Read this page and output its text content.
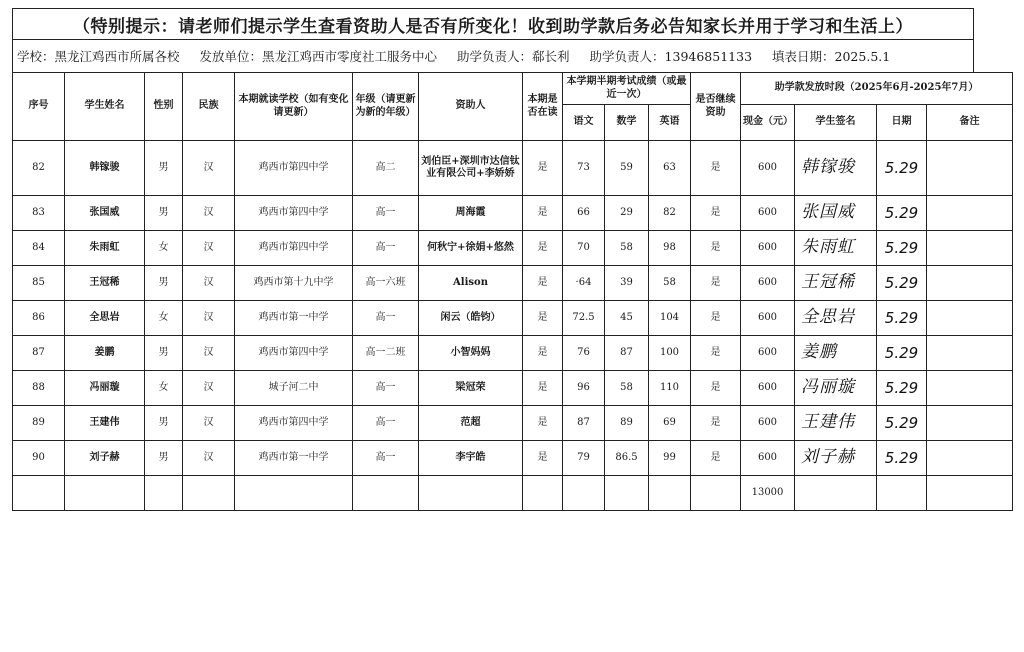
（特别提示：请老师们提示学生查看资助人是否有所变化！收到助学款后务必告知家长并用于学习和生活上）
学校：黑龙江鸡西市所属各校 发放单位：黑龙江鸡西市零度社工服务中心 助学负责人：郗长利 助学负责人：13946851133 填表日期：2025.5.1
序号	学生姓名	性别	民族	本期就读学校（如有变化请更新）	年级（请更新为新的年级）	资助人	本期是否在读	本学期半期考试成绩（或最近一次）			是否继续资助	助学款发放时段（2025年6月-2025年7月）			
								语文	数学	英语		现金（元）	学生签名	日期	备注
82	韩镓骏	男	汉	鸡西市第四中学	高二	刘伯臣+深圳市达信钛业有限公司+李娇娇	是	73	59	63	是	600	韩镓骏	5.29	
83	张国威	男	汉	鸡西市第四中学	高一	周海霞	是	66	29	82	是	600	张国威	5.29	
84	朱雨虹	女	汉	鸡西市第四中学	高一	何秋宁+徐娟+悠然	是	70	58	98	是	600	朱雨虹	5.29	
85	王冠稀	男	汉	鸡西市第十九中学	高一六班	Alison	是	·64	39	58	是	600	王冠稀	5.29	
86	全思岩	女	汉	鸡西市第一中学	高一	闲云（皓钧）	是	72.5	45	104	是	600	全思岩	5.29	
87	姜鹏	男	汉	鸡西市第四中学	高一二班	小智妈妈	是	76	87	100	是	600	姜鹏	5.29	
88	冯丽璇	女	汉	城子河二中	高一	梁冠荣	是	96	58	110	是	600	冯丽璇	5.29	
89	王建伟	男	汉	鸡西市第四中学	高一	范超	是	87	89	69	是	600	王建伟	5.29	
90	刘子赫	男	汉	鸡西市第一中学	高一	李宇皓	是	79	86.5	99	是	600	刘子赫	5.29	
												13000			
